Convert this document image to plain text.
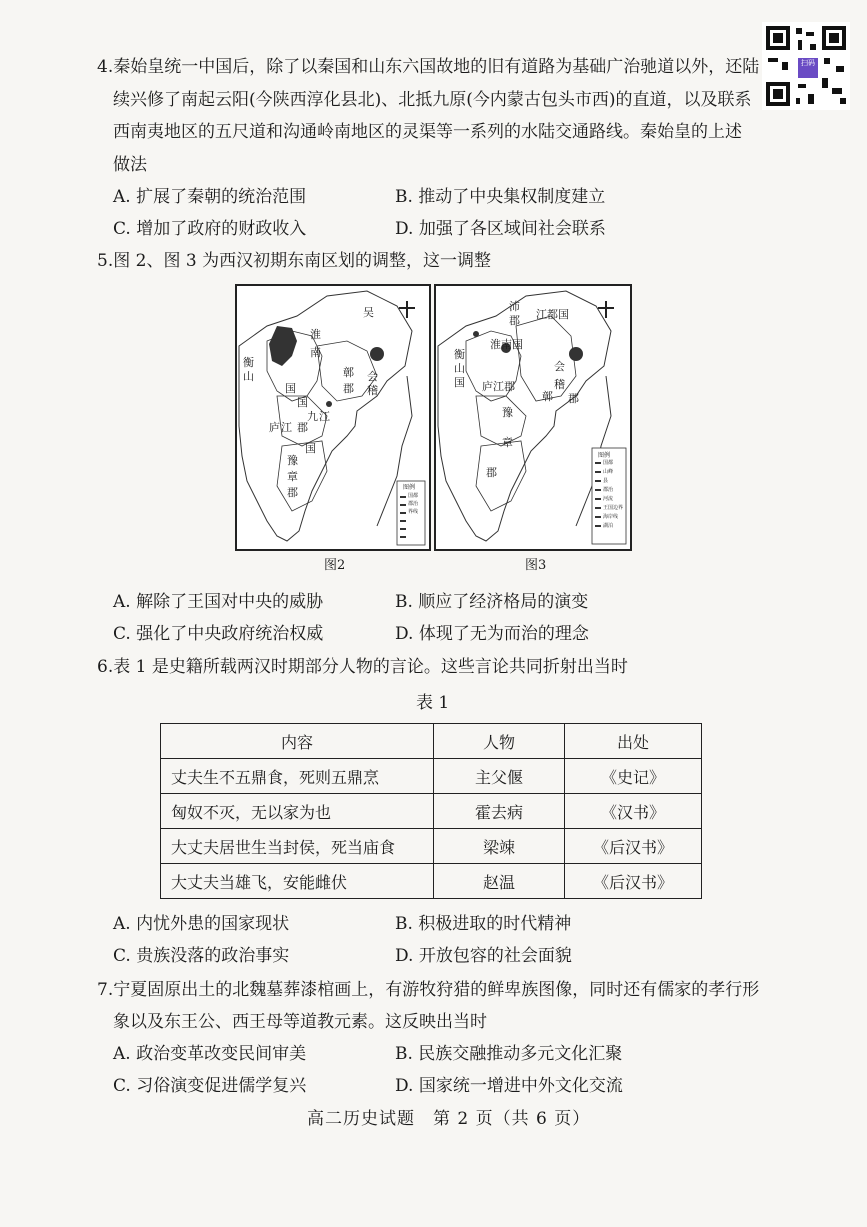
扫码
4.秦始皇统一中国后，除了以秦国和山东六国故地的旧有道路为基础广治驰道以外，还陆
续兴修了南起云阳(今陕西淳化县北)、北抵九原(今内蒙古包头市西)的直道，以及联系
西南夷地区的五尺道和沟通岭南地区的灵渠等一系列的水陆交通路线。秦始皇的上述
做法
A. 扩展了秦朝的统治范围	B. 推动了中央集权制度建立
C. 增加了政府的财政收入	D. 加强了各区域间社会联系
5.图 2、图 3 为西汉初期东南区划的调整，这一调整
吴
淮
南
衡
山
国
庐 江 郡
九 江
会
稽
鄣
郡
豫
章
郡
国
国
图例
国都
郡治
界线
图2
沛
郡 江都国
淮南国
衡
山
国 庐江郡
会
稽
郡
豫
章
郡
鄣
图例
国都
山峰
县
郡治
河流
王国边界
海岸线
湖泊
图3
A. 解除了王国对中央的威胁	B. 顺应了经济格局的演变
C. 强化了中央政府统治权威	D. 体现了无为而治的理念
6.表 1 是史籍所载两汉时期部分人物的言论。这些言论共同折射出当时
表 1
内容	人物	出处
丈夫生不五鼎食，死则五鼎烹	主父偃	《史记》
匈奴不灭，无以家为也	霍去病	《汉书》
大丈夫居世生当封侯，死当庙食	梁竦	《后汉书》
大丈夫当雄飞，安能雌伏	赵温	《后汉书》
A. 内忧外患的国家现状	B. 积极进取的时代精神
C. 贵族没落的政治事实	D. 开放包容的社会面貌
7.宁夏固原出土的北魏墓葬漆棺画上，有游牧狩猎的鲜卑族图像，同时还有儒家的孝行形
象以及东王公、西王母等道教元素。这反映出当时
A. 政治变革改变民间审美	B. 民族交融推动多元文化汇聚
C. 习俗演变促进儒学复兴	D. 国家统一增进中外文化交流
高二历史试题　第 2 页（共 6 页）
